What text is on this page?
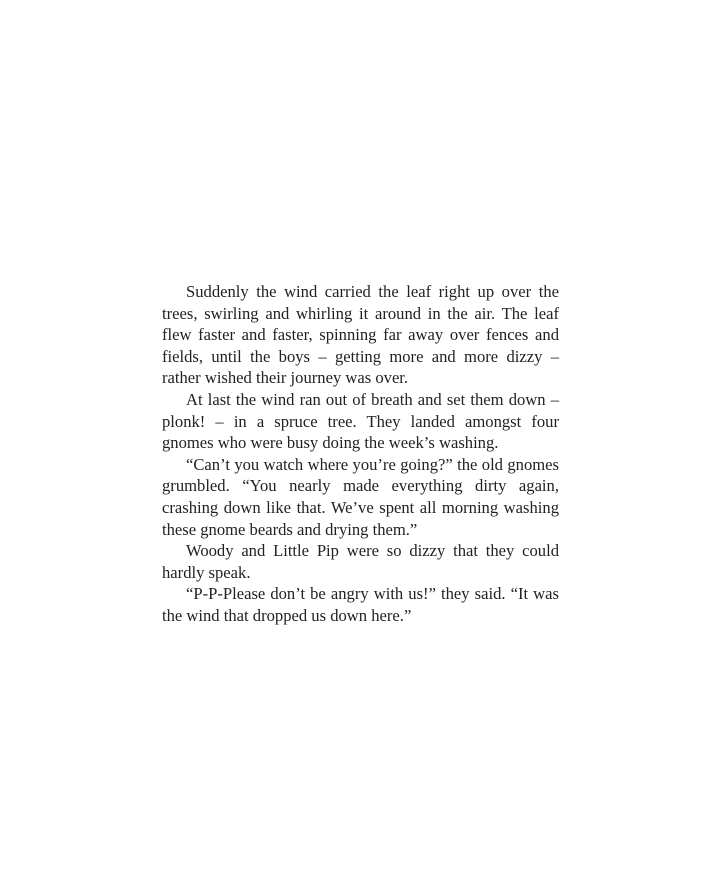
Suddenly the wind carried the leaf right up over the trees, swirling and whirling it around in the air. The leaf flew faster and faster, spinning far away over fences and fields, until the boys – getting more and more dizzy – rather wished their journey was over.

At last the wind ran out of breath and set them down – plonk! – in a spruce tree. They landed amongst four gnomes who were busy doing the week’s washing.

“Can’t you watch where you’re going?” the old gnomes grumbled. “You nearly made everything dirty again, crashing down like that. We’ve spent all morning washing these gnome beards and drying them.”

Woody and Little Pip were so dizzy that they could hardly speak.

“P-P-Please don’t be angry with us!” they said. “It was the wind that dropped us down here.”
